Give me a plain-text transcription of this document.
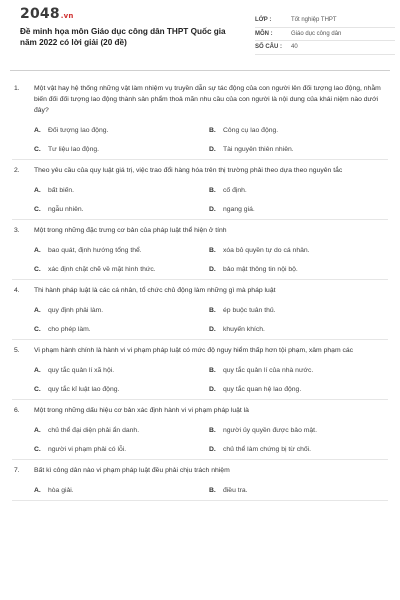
2048.vn
Đề minh họa môn Giáo dục công dân THPT Quốc gia năm 2022 có lời giải (20 đề)
LỚP :	Tốt nghiệp THPT
MÔN :	Giáo dục công dân
SỐ CÂU :	40
1.	Một vật hay hệ thống những vật làm nhiệm vụ truyền dẫn sự tác động của con người lên đối tượng lao động, nhằm biến đối đối tượng lao động thành sản phẩm thoả mãn nhu cầu của con người là nội dung của khái niệm nào dưới đây?
A.	Đối tượng lao động.	B.	Công cụ lao động.
C.	Tư liệu lao động.	D.	Tài nguyên thiên nhiên.
2.	Theo yêu cầu của quy luật giá trị, việc trao đổi hàng hóa trên thị trường phải theo dựa theo nguyên tắc
A.	bất biến.	B.	cố định.
C.	ngẫu nhiên.	D.	ngang giá.
3.	Một trong những đặc trưng cơ bản của pháp luật thể hiện ở tính
A.	bao quát, định hướng tổng thể.	B.	xóa bỏ quyền tự do cá nhân.
C.	xác định chặt chẽ về mặt hình thức.	D.	bảo mật thông tin nội bộ.
4.	Thi hành pháp luật là các cá nhân, tổ chức chủ động làm những gì mà pháp luật
A.	quy định phải làm.	B.	ép buộc tuân thủ.
C.	cho phép làm.	D.	khuyến khích.
5.	Vi phạm hành chính là hành vi vi phạm pháp luật có mức độ nguy hiểm thấp hơn tội phạm, xâm phạm các
A.	quy tắc quản lí xã hội.	B.	quy tắc quản lí của nhà nước.
C.	quy tắc kỉ luật lao động.	D.	quy tắc quan hệ lao động.
6.	Một trong những dấu hiệu cơ bản xác định hành vi vi phạm pháp luật là
A.	chủ thể đại diện phải ẩn danh.	B.	người ủy quyền được bảo mật.
C.	người vi phạm phải có lỗi.	D.	chủ thể làm chứng bị từ chối.
7.	Bất kì công dân nào vi phạm pháp luật đều phải chịu trách nhiệm
A.	hòa giải.	B.	điều tra.
